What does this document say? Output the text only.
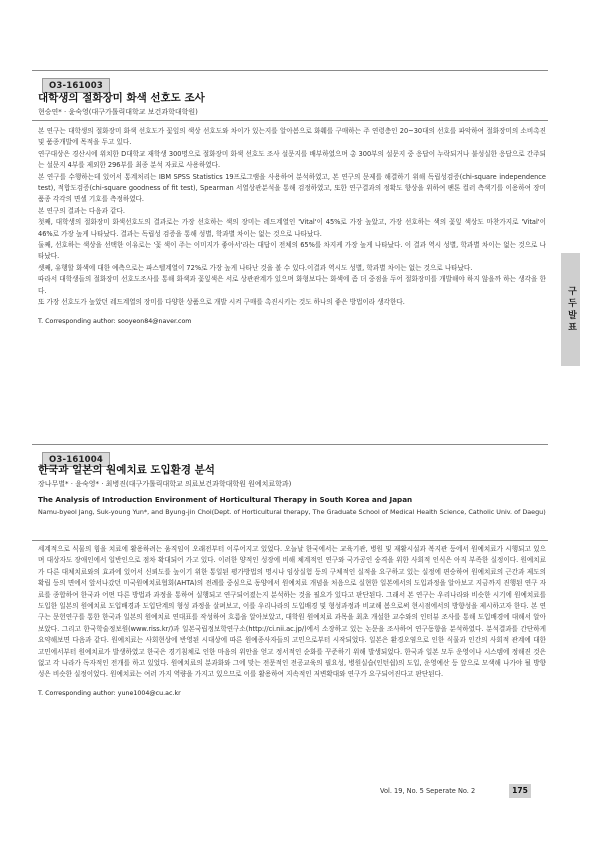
O3-161003
대학생의 절화장미 화색 선호도 조사
현승연* · 윤숙영(대구가톨릭대학교 보건과학대학원)

본 연구는 대학생의 절화장미 화색 선호도가 꽃잎의 색상 선호도와 차이가 있는지를 알아봄으로 화훼를 구매하는 주 연령층인 20~30대의 선호를 파악하여 절화장미의 소비촉진 및 품종개발에 목적을 두고 있다.

연구대상은 경산시에 위치한 D대학교 재학생 300명으로 절화장미 화색 선호도 조사 설문지를 배부하였으며 총 300부의 설문지 중 응답이 누락되거나 불성실한 응답으로 간주되는 설문지 4부를 제외한 296부를 최종 분석 자료로 사용하였다.

본 연구를 수행하는데 있어서 통계처리는 IBM SPSS Statistics 19프로그램을 사용하여 분석하였고, 본 연구의 문제를 해결하기 위해 독립성검증(chi-square independence test), 적합도검증(chi-square goodness of fit test), Spearman 서열상관분석을 통해 검정하였고, 또한 연구결과의 정확도 향상을 위하여 팬톤 컬러 측색기를 이용하여 장미 품종 각각의 면셀 기호를 측정하였다.

본 연구의 결과는 다음과 같다.

첫째, 대학생의 절화장미 화색선호도의 결과로는 가장 선호하는 색의 장미는 레드계열인 'Vital'이 45%로 가장 높았고, 가장 선호하는 색의 꽃잎 색상도 마찬가지로 'Vital'이 46%로 가장 높게 나타났다. 결과는 독립성 검증을 통해 성별, 학과별 차이는 없는 것으로 나타났다.

둘째, 선호하는 색상을 선택한 이유로는 '꽃 색이 주는 이미지가 좋아서'라는 대답이 전체의 65%를 차지케 가장 높게 나타났다. 이 결과 역시 성별, 학과별 차이는 없는 것으로 나타났다.

셋째, 유행할 화색에 대한 예측으로는 파스텔계열이 72%로 가장 높게 나타난 것을 볼 수 있다.이결과 역시도 성별, 학과별 차이는 없는 것으로 나타났다.

따라서 대학생들의 절화장미 선호도조사를 통해 화색과 꽃잎색은 서로 상관관계가 있으며 화형보다는 화색에 좀 더 중점을 두어 절화장미를 개발해야 하지 않을까 하는 생각을 한다.

또 가장 선호도가 높았던 레드계열의 장미를 다양한 상품으로 개발 시켜 구매를 촉진시키는 것도 하나의 좋은 방법이라 생각한다.

T. Corresponding author: sooyeon84@naver.com
O3-161004
한국과 일본의 원예치료 도입환경 분석
장나무별* · 윤숙영* · 최병진(대구가톨릭대학교 의료보건과학대학원 원예치료학과)
The Analysis of Introduction Environment of Horticultural Therapy in South Korea and Japan
Namu-byeol Jang, Suk-young Yun*, and Byung-jin Choi(Dept. of Horticultural therapy, The Graduate School of Medical Health Science, Catholic Univ. of Daegu)

세계적으로 식물의 힘을 치료에 활용하려는 움직임이 오래전부터 이루어지고 있었다. 오늘날 한국에서는 교육기관, 병원 및 재활시설과 복지관 등에서 원예치료가 시행되고 있으며 대상자도 장애인에서 일반인으로 점차 확대되어 가고 있다. 이러한 양적인 성장에 비해 체계적인 연구와 국가공인 숭격을 위한 사회적 인식은 아직 부족한 실정이다. 원예치료가 다른 대체치료와의 효과에 있어서 신뢰도를 높이기 위한 통일된 평가방법의 명시나 임상실험 등의 구체적인 실적을 요구하고 있는 실정에 편승하여 원예치료의 근간과 제도의 확립 등의 면에서 앞서나갔던 미국원예치료협회(AHTA)의 전례를 중심으로 동양에서 원예치료 개념을 처음으로 실현한 일본에서의 도입과정을 알아보고 지금까지 진행된 연구 자료를 종합하여 한국과 어떤 다른 방법과 과정을 통하여 실행되고 연구되어졌는지 분석하는 것을 필요가 있다고 판단된다. 그래서 본 연구는 우리나라와 비슷한 시기에 원예치료를 도입한 일본의 원예치료 도입배경과 도입단계의 형성 과정을 살펴보고, 이를 우리나라의 도입배경 및 형성과정과 비교해 봄으로써 현시점에서의 방향성을 제시하고자 한다. 본 연구는 문헌연구를 통한 한국과 일본의 원예치료 연대표를 작성하여 흐름을 알아보았고, 대학원 원예치료 과목을 최초 개설한 교수와의 인터뷰 조사를 통해 도입배경에 대해서 알아보았다. 그리고 한국학술정보원(www.riss.kr/)과 일본국립정보학연구소(http://ci.nii.ac.jp/)에서 소장하고 있는 논문을 조사하여 연구동향을 분석하였다. 분석결과를 간단하게 요약해보면 다음과 같다. 원예치료는 사회현상에 반영된 시대상에 따른 원예종사자들의 고민으로부터 시작되었다. 일본은 환경오염으로 인한 식물과 인간의 사회적 관계에 대한 고민에서부터 원예치료가 발생하였고 한국은 경기침체로 인한 마음의 위안을 얻고 정서적인 순화를 꾸준하기 위해 발생되었다. 한국과 일본 모두 운영이나 시스템에 정해진 것은 없고 각 나라가 독자적인 전개를 하고 있었다. 원예치료의 분과화와 그에 맞는 전문적인 전공교육의 필요성, 병원실습(인턴쉽)의 도입, 운영예산 등 앞으로 모색해 나가야 될 방향성은 비슷한 실정이었다. 원예치료는 여러 가지 역량을 가지고 있으므로 이를 활용하여 지속적인 저변확대와 연구가 요구되어진다고 판단된다.

T. Corresponding author: yune1004@cu.ac.kr
구두발표
Vol. 19, No. 5 Seperate No. 2	175
